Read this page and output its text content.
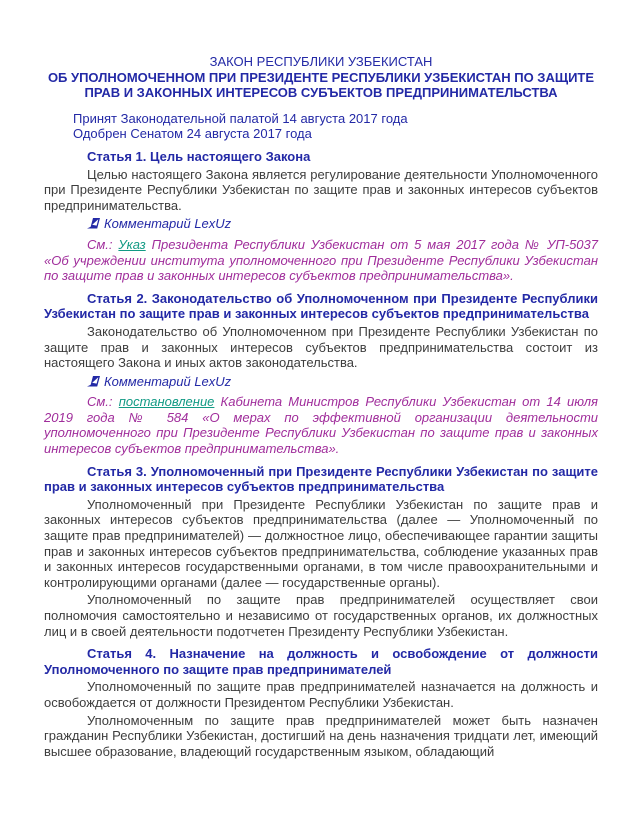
ЗАКОН РЕСПУБЛИКИ УЗБЕКИСТАН
ОБ УПОЛНОМОЧЕННОМ ПРИ ПРЕЗИДЕНТЕ РЕСПУБЛИКИ УЗБЕКИСТАН ПО ЗАЩИТЕ ПРАВ И ЗАКОННЫХ ИНТЕРЕСОВ СУБЪЕКТОВ ПРЕДПРИНИМАТЕЛЬСТВА
Принят Законодательной палатой 14 августа 2017 года
Одобрен Сенатом 24 августа 2017 года
Статья 1. Цель настоящего Закона

Целью настоящего Закона является регулирование деятельности Уполномоченного при Президенте Республики Узбекистан по защите прав и законных интересов субъектов предпринимательства.

Комментарий LexUz

См.: Указ Президента Республики Узбекистан от 5 мая 2017 года № УП-5037 «Об учреждении института уполномоченного при Президенте Республики Узбекистан по защите прав и законных интересов субъектов предпринимательства».

Статья 2. Законодательство об Уполномоченном при Президенте Республики Узбекистан по защите прав и законных интересов субъектов предпринимательства

Законодательство об Уполномоченном при Президенте Республики Узбекистан по защите прав и законных интересов субъектов предпринимательства состоит из настоящего Закона и иных актов законодательства.

Комментарий LexUz

См.: постановление Кабинета Министров Республики Узбекистан от 14 июля 2019 года № 584 «О мерах по эффективной организации деятельности уполномоченного при Президенте Республики Узбекистан по защите прав и законных интересов субъектов предпринимательства».

Статья 3. Уполномоченный при Президенте Республики Узбекистан по защите прав и законных интересов субъектов предпринимательства

Уполномоченный при Президенте Республики Узбекистан по защите прав и законных интересов субъектов предпринимательства (далее — Уполномоченный по защите прав предпринимателей) — должностное лицо, обеспечивающее гарантии защиты прав и законных интересов субъектов предпринимательства, соблюдение указанных прав и законных интересов государственными органами, в том числе правоохранительными и контролирующими органами (далее — государственные органы).

Уполномоченный по защите прав предпринимателей осуществляет свои полномочия самостоятельно и независимо от государственных органов, их должностных лиц и в своей деятельности подотчетен Президенту Республики Узбекистан.

Статья 4. Назначение на должность и освобождение от должности Уполномоченного по защите прав предпринимателей

Уполномоченный по защите прав предпринимателей назначается на должность и освобождается от должности Президентом Республики Узбекистан.

Уполномоченным по защите прав предпринимателей может быть назначен гражданин Республики Узбекистан, достигший на день назначения тридцати лет, имеющий высшее образование, владеющий государственным языком, обладающий
